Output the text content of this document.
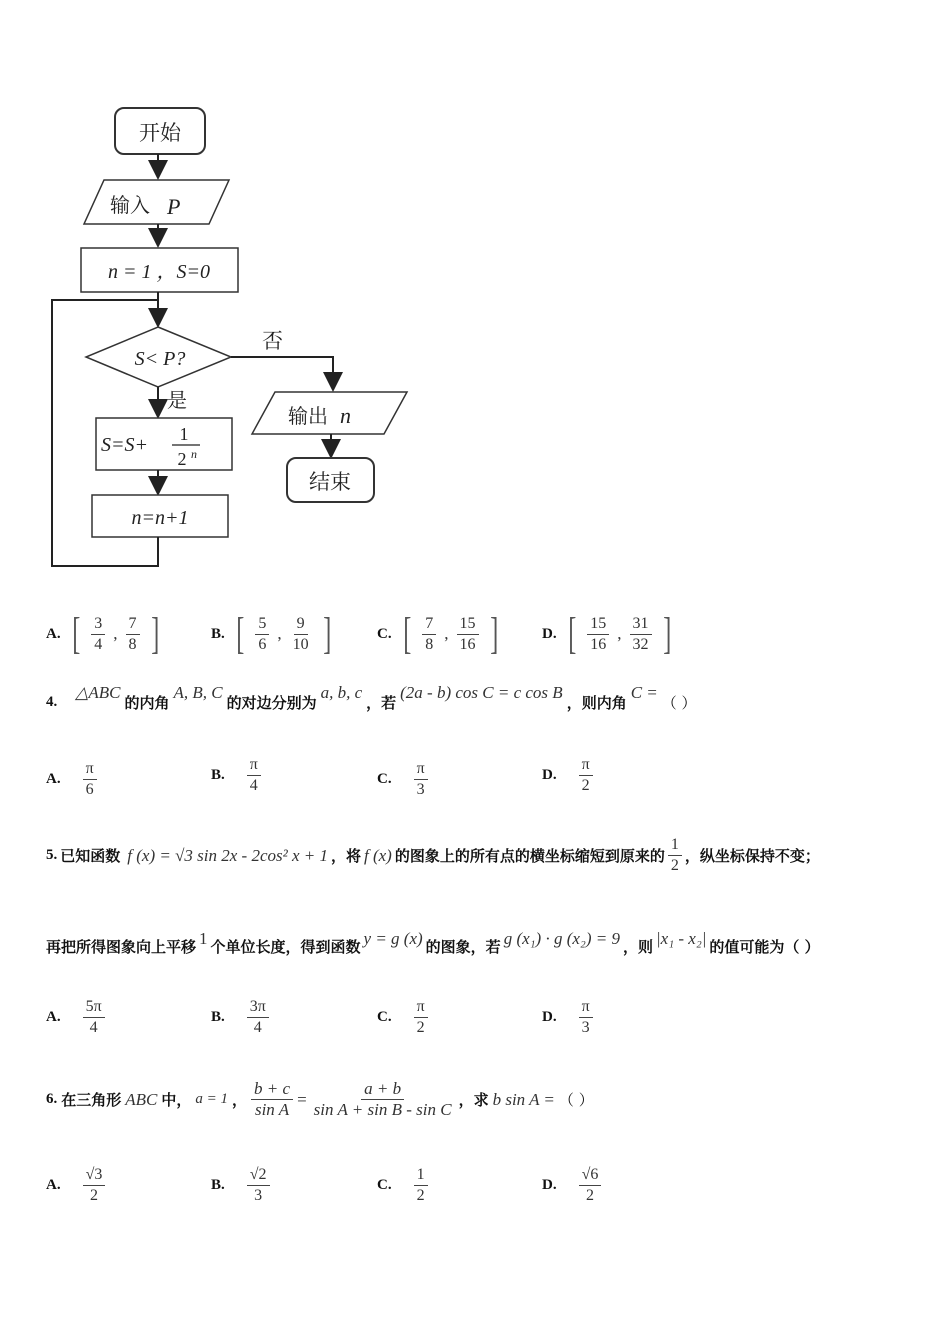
开始
输入 P
n = 1 ，S=0
S< P?
否
输出 n
结束
是
S=S+ 1
2 n
n=n+1
A. [ $\frac{3}{4}$ , $\frac{7}{8}$ ]	B. [ $\frac{5}{6}$ , $\frac{9}{10}$ ]	C. [ $\frac{7}{8}$ , $\frac{15}{16}$ ]	D. [ $\frac{15}{16}$ , $\frac{31}{32}$ ]
4.
△ABC
的内角
A, B, C
的对边分别为
a, b, c
，若
(2a - b) cos C = c cos B
，则内角
C =
（ ）
A. $\frac{\pi}{6}$	B. $\frac{\pi}{4}$	C. $\frac{\pi}{3}$	D. $\frac{\pi}{2}$
5. 已知函数 f (x) = √3 sin 2x - 2cos² x + 1 ，将 f (x) 的图象上的所有点的横坐标缩短到原来的 $\frac{1}{2}$ ，纵坐标保持不变；
再把所得图象向上平移 1 个单位长度，得到函数 y = g (x) 的图象，若 g (x₁) · g (x₂) = 9 ，则 |x₁ - x₂| 的值可能为（ ）
A. $\frac{5\pi}{4}$	B. $\frac{3\pi}{4}$	C. $\frac{\pi}{2}$	D. $\frac{\pi}{3}$
6. 在三角形 ABC 中， a = 1 ， $\frac{b + c}{\text{sin A}} = \frac{a + b}{\text{sin A + sin B - sin C}}$ ，求 b sin A = （ ）
A. $\frac{√3}{2}$	B. $\frac{√2}{3}$	C. $\frac{1}{2}$	D. $\frac{√6}{2}$
